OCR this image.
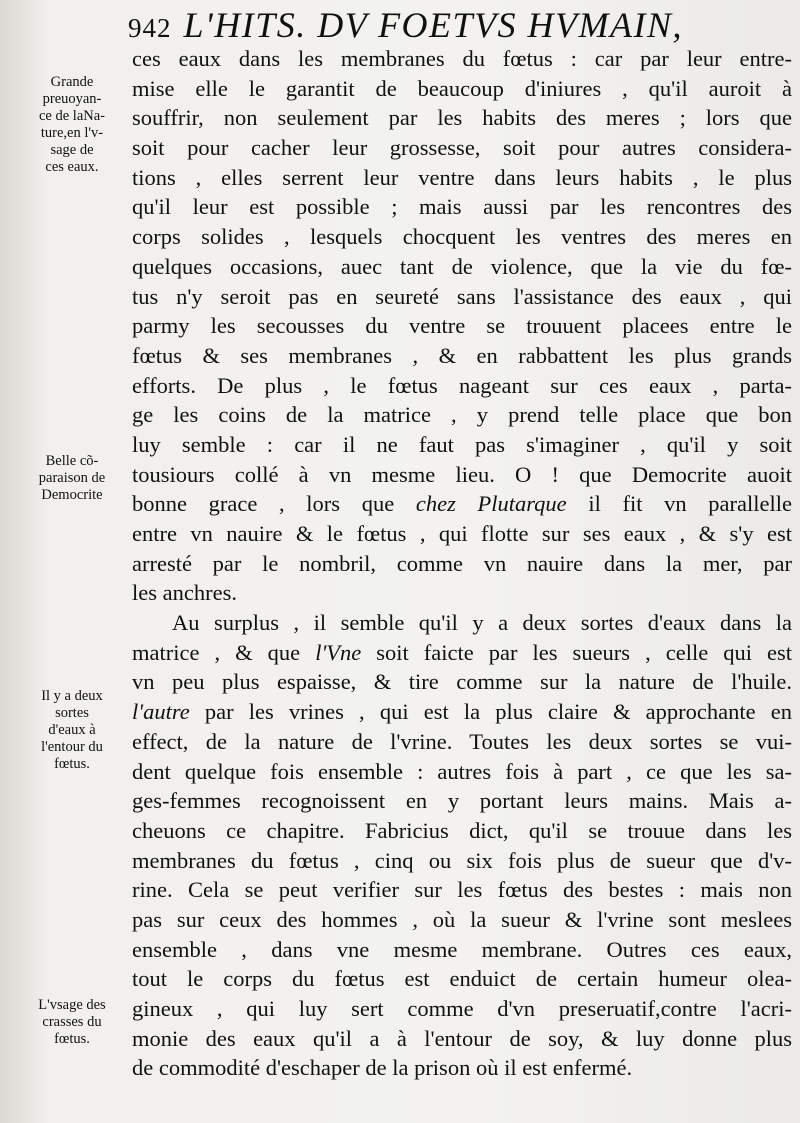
942 L'HITS. DV FOETVS HVMAIN,
Grande
preuoyan-
ce de laNa-
ture,en l'v-
sage de
ces eaux.
Belle cõ-
paraison de
Democrite
Il y a deux
sortes
d'eaux à
l'entour du
fœtus.
L'vsage des
crasses du
fœtus.
ces eaux dans les membranes du fœtus : car par leur entre-
mise elle le garantit de beaucoup d'iniures , qu'il auroit à
souffrir, non seulement par les habits des meres ; lors que
soit pour cacher leur grossesse, soit pour autres considera-
tions , elles serrent leur ventre dans leurs habits , le plus
qu'il leur est possible ; mais aussi par les rencontres des
corps solides , lesquels chocquent les ventres des meres en
quelques occasions, auec tant de violence, que la vie du fœ-
tus n'y seroit pas en seureté sans l'assistance des eaux , qui
parmy les secousses du ventre se trouuent placees entre le
fœtus & ses membranes , & en rabbattent les plus grands
efforts. De plus , le fœtus nageant sur ces eaux , parta-
ge les coins de la matrice , y prend telle place que bon
luy semble : car il ne faut pas s'imaginer , qu'il y soit
tousiours collé à vn mesme lieu. O ! que Democrite auoit
bonne grace , lors que chez Plutarque il fit vn parallelle
entre vn nauire & le fœtus , qui flotte sur ses eaux , & s'y est
arresté par le nombril, comme vn nauire dans la mer, par
les anchres.
Au surplus , il semble qu'il y a deux sortes d'eaux dans la
matrice , & que l'Vne soit faicte par les sueurs , celle qui est
vn peu plus espaisse, & tire comme sur la nature de l'huile.
l'autre par les vrines , qui est la plus claire & approchante en
effect, de la nature de l'vrine. Toutes les deux sortes se vui-
dent quelque fois ensemble : autres fois à part , ce que les sa-
ges-femmes recognoissent en y portant leurs mains. Mais a-
cheuons ce chapitre. Fabricius dict, qu'il se trouue dans les
membranes du fœtus , cinq ou six fois plus de sueur que d'v-
rine. Cela se peut verifier sur les fœtus des bestes : mais non
pas sur ceux des hommes , où la sueur & l'vrine sont meslees
ensemble , dans vne mesme membrane. Outres ces eaux,
tout le corps du fœtus est enduict de certain humeur olea-
gineux , qui luy sert comme d'vn preseruatif,contre l'acri-
monie des eaux qu'il a à l'entour de soy, & luy donne plus
de commodité d'eschaper de la prison où il est enfermé.
